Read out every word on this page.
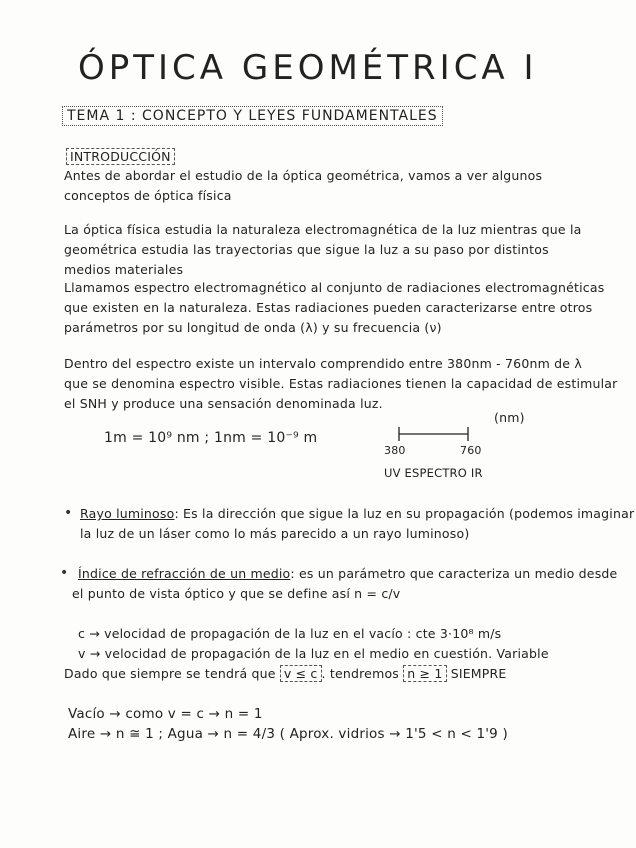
ÓPTICA GEOMÉTRICA I
TEMA 1 : CONCEPTO Y LEYES FUNDAMENTALES
INTRODUCCIÓN
Antes de abordar el estudio de la óptica geométrica, vamos a ver algunos
conceptos de óptica física
La óptica física estudia la naturaleza electromagnética de la luz mientras que la
geométrica estudia las trayectorias que sigue la luz a su paso por distintos
medios materiales
Llamamos espectro electromagnético al conjunto de radiaciones electromagnéticas
que existen en la naturaleza. Estas radiaciones pueden caracterizarse entre otros
parámetros por su longitud de onda (λ) y su frecuencia (ν)
Dentro del espectro existe un intervalo comprendido entre 380nm - 760nm de λ
que se denomina espectro visible. Estas radiaciones tienen la capacidad de estimular
el SNH y produce una sensación denominada luz.
1m = 10⁹ nm ; 1nm = 10⁻⁹ m
(nm)
380	760
UV ESPECTRO IR
• Rayo luminoso: Es la dirección que sigue la luz en su propagación (podemos imaginar
la luz de un láser como lo más parecido a un rayo luminoso)
• Índice de refracción de un medio: es un parámetro que caracteriza un medio desde
el punto de vista óptico y que se define así n = c/v
c → velocidad de propagación de la luz en el vacío : cte 3·10⁸ m/s
v → velocidad de propagación de la luz en el medio en cuestión. Variable
Dado que siempre se tendrá que v ≤ c . tendremos n ≥ 1 SIEMPRE
Vacío → como v = c → n = 1
Aire → n ≅ 1 ; Agua → n = 4/3 ( Aprox. vidrios → 1'5 < n < 1'9 )
